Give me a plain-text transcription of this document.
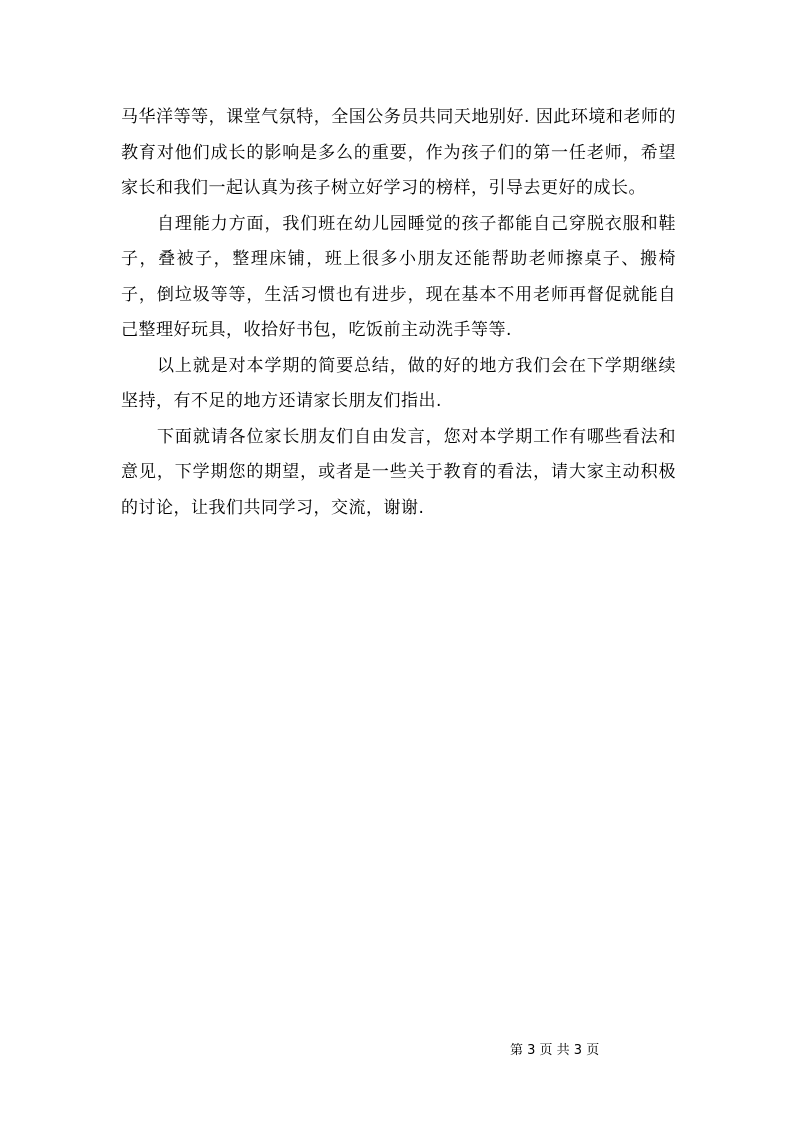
马华洋等等，课堂气氛特，全国公务员共同天地别好. 因此环境和老师的教育对他们成长的影响是多么的重要，作为孩子们的第一任老师，希望家长和我们一起认真为孩子树立好学习的榜样，引导去更好的成长。

自理能力方面，我们班在幼儿园睡觉的孩子都能自己穿脱衣服和鞋子，叠被子，整理床铺，班上很多小朋友还能帮助老师擦桌子、搬椅子，倒垃圾等等，生活习惯也有进步，现在基本不用老师再督促就能自己整理好玩具，收拾好书包，吃饭前主动洗手等等.

以上就是对本学期的简要总结，做的好的地方我们会在下学期继续坚持，有不足的地方还请家长朋友们指出.

下面就请各位家长朋友们自由发言，您对本学期工作有哪些看法和意见，下学期您的期望，或者是一些关于教育的看法，请大家主动积极的讨论，让我们共同学习，交流，谢谢.

第 3 页 共 3 页
